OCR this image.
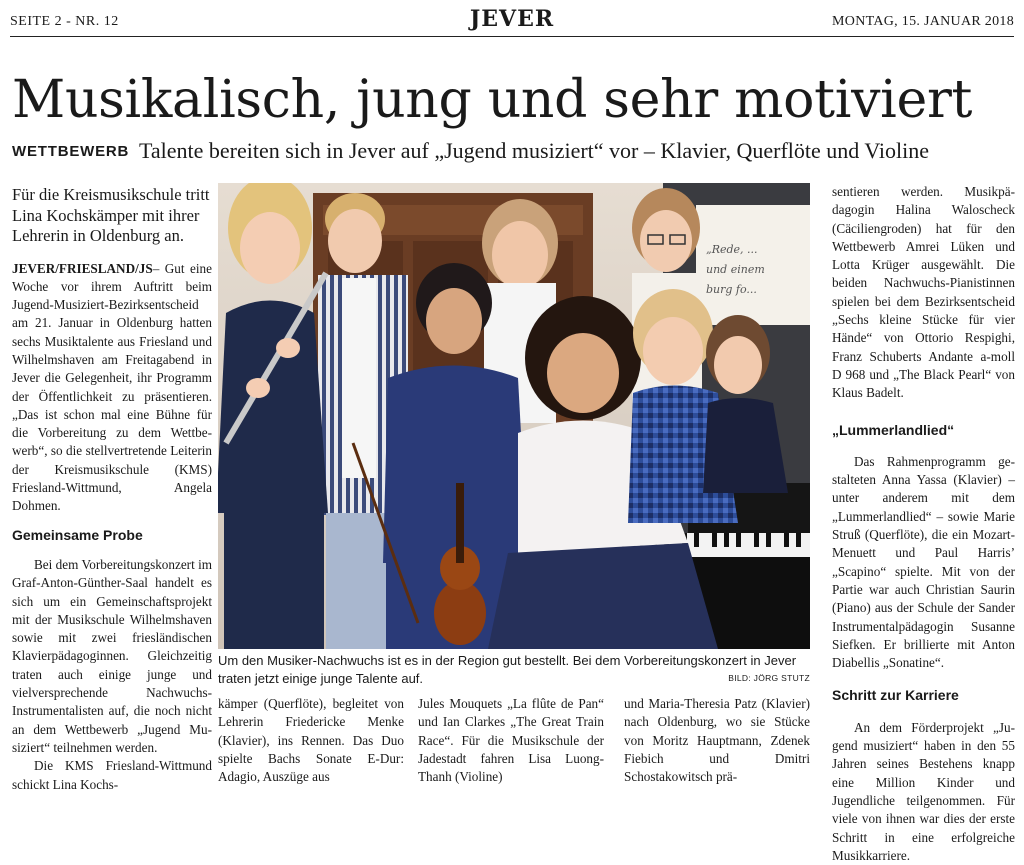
SEITE 2 - NR. 12	JEVER	MONTAG, 15. JANUAR 2018
Musikalisch, jung und sehr motiviert
WETTBEWERB Talente bereiten sich in Jever auf „Jugend musiziert“ vor – Klavier, Querflöte und Violine

Für die Kreismusikschule tritt Lina Kochskämper mit ihrer Lehrerin in Oldenburg an.

JEVER/FRIESLAND/JS– Gut eine Woche vor ihrem Auftritt beim Jugend-Musiziert-Bezirksentscheid am 21. Januar in Oldenburg hatten sechs Musiktalente aus Friesland und Wilhelmshaven am Freitagabend in Jever die Gelegenheit, ihr Programm der Öffentlichkeit zu präsentieren. „Das ist schon mal eine Bühne für die Vorbereitung zu dem Wettbewerb“, so die stellvertretende Leiterin der Kreismusikschule (KMS) Friesland-Wittmund, Angela Dohmen.

Gemeinsame Probe

Bei dem Vorbereitungskonzert im Graf-Anton-Günther-Saal handelt es sich um ein Gemeinschaftsprojekt mit der Musikschule Wilhelmshaven sowie mit zwei friesländischen Klavierpädagoginnen. Gleichzeitig traten auch einige junge und vielversprechende Nachwuchs-Instrumentalisten auf, die noch nicht an dem Wettbewerb „Jugend Musiziert“ teilnehmen werden.

Die KMS Friesland-Wittmund schickt Lina Kochs-

„Rede, ...
und einem
burg fo...
Um den Musiker-Nachwuchs ist es in der Region gut bestellt. Bei dem Vorbereitungskonzert in Jever traten jetzt einige junge Talente auf.	BILD: JÖRG STUTZ

kämper (Querflöte), begleitet von Lehrerin Friedericke Menke (Klavier), ins Rennen. Das Duo spielte Bachs Sonate E-Dur: Adagio, Auszüge aus

Jules Mouquets „La flûte de Pan“ und Ian Clarkes „The Great Train Race“. Für die Musikschule der Jadestadt fahren Lisa Luong-Thanh (Violine)

und Maria-Theresia Patz (Klavier) nach Oldenburg, wo sie Stücke von Moritz Hauptmann, Zdenek Fiebich und Dmitri Schostakowitsch prä-

sentieren werden. Musikpädagogin Halina Waloscheck (Cäciliengroden) hat für den Wettbewerb Amrei Lüken und Lotta Krüger ausgewählt. Die beiden Nachwuchs-Pianistinnen spielen bei dem Bezirksentscheid „Sechs kleine Stücke für vier Hände“ von Ottorio Respighi, Franz Schuberts Andante a-moll D 968 und „The Black Pearl“ von Klaus Badelt.

„Lummerlandlied“

Das Rahmenprogramm gestalteten Anna Yassa (Klavier) – unter anderem mit dem „Lummerlandlied“ – sowie Marie Struß (Querflöte), die ein Mozart-Menuett und Paul Harris’ „Scapino“ spielte. Mit von der Partie war auch Christian Saurin (Piano) aus der Schule der Sander Instrumentalpädagogin Susanne Siefken. Er brillierte mit Anton Diabellis „Sonatine“.

Schritt zur Karriere

An dem Förderprojekt „Jugend musiziert“ haben in den 55 Jahren seines Bestehens knapp eine Million Kinder und Jugendliche teilgenommen. Für viele von ihnen war dies der erste Schritt in eine erfolgreiche Musikkarriere.
